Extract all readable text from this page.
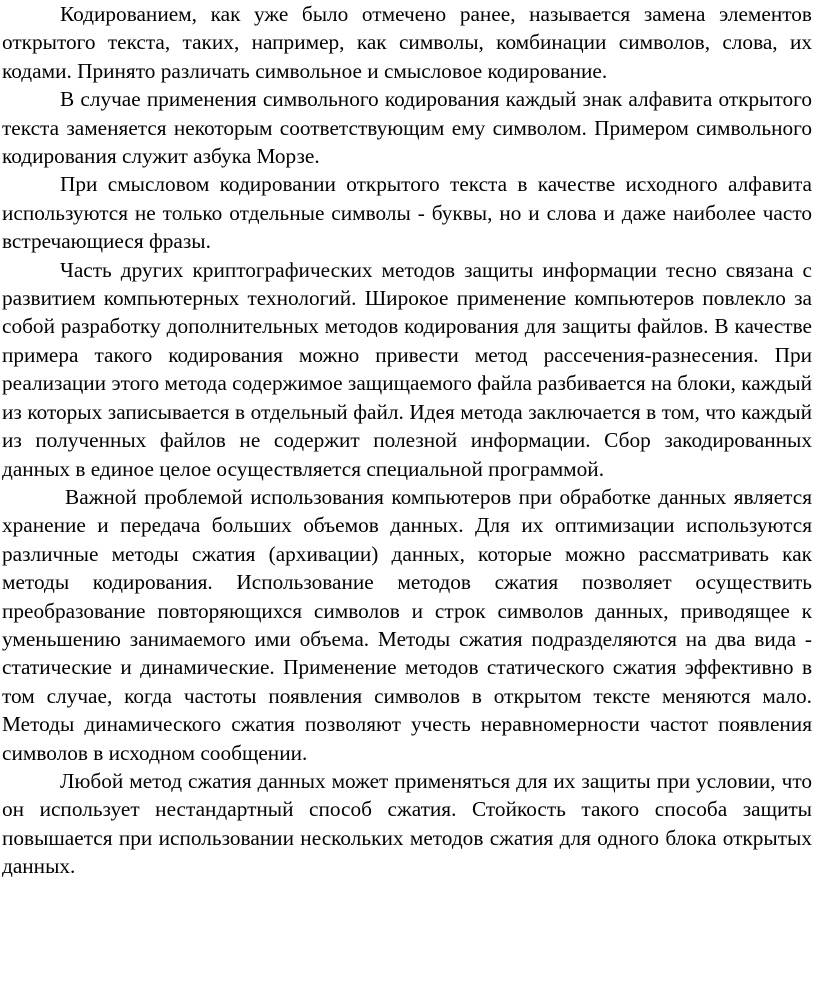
Кодированием, как уже было отмечено ранее, называется замена элементов открытого текста, таких, например, как символы, комбинации символов, слова, их кодами. Принято различать символьное и смысловое кодирование.

В случае применения символьного кодирования каждый знак алфавита открытого текста заменяется некоторым соответствующим ему символом. Примером символьного кодирования служит азбука Морзе.

При смысловом кодировании открытого текста в качестве исходного алфавита используются не только отдельные символы - буквы, но и слова и даже наиболее часто встречающиеся фразы.

Часть других криптографических методов защиты информации тесно связана с развитием компьютерных технологий. Широкое применение компьютеров повлекло за собой разработку дополнительных методов кодирования для защиты файлов. В качестве примера такого кодирования можно привести метод рассечения-разнесения. При реализации этого метода содержимое защищаемого файла разбивается на блоки, каждый из которых записывается в отдельный файл. Идея метода заключается в том, что каждый из полученных файлов не содержит полезной информации. Сбор закодированных данных в единое целое осуществляется специальной программой.

Важной проблемой использования компьютеров при обработке данных является хранение и передача больших объемов данных. Для их оптимизации используются различные методы сжатия (архивации) данных, которые можно рассматривать как методы кодирования. Использование методов сжатия позволяет осуществить преобразование повторяющихся символов и строк символов данных, приводящее к уменьшению занимаемого ими объема. Методы сжатия подразделяются на два вида - статические и динамические. Применение методов статического сжатия эффективно в том случае, когда частоты появления символов в открытом тексте меняются мало. Методы динамического сжатия позволяют учесть неравномерности частот появления символов в исходном сообщении.

Любой метод сжатия данных может применяться для их защиты при условии, что он использует нестандартный способ сжатия. Стойкость такого способа защиты повышается при использовании нескольких методов сжатия для одного блока открытых данных.
